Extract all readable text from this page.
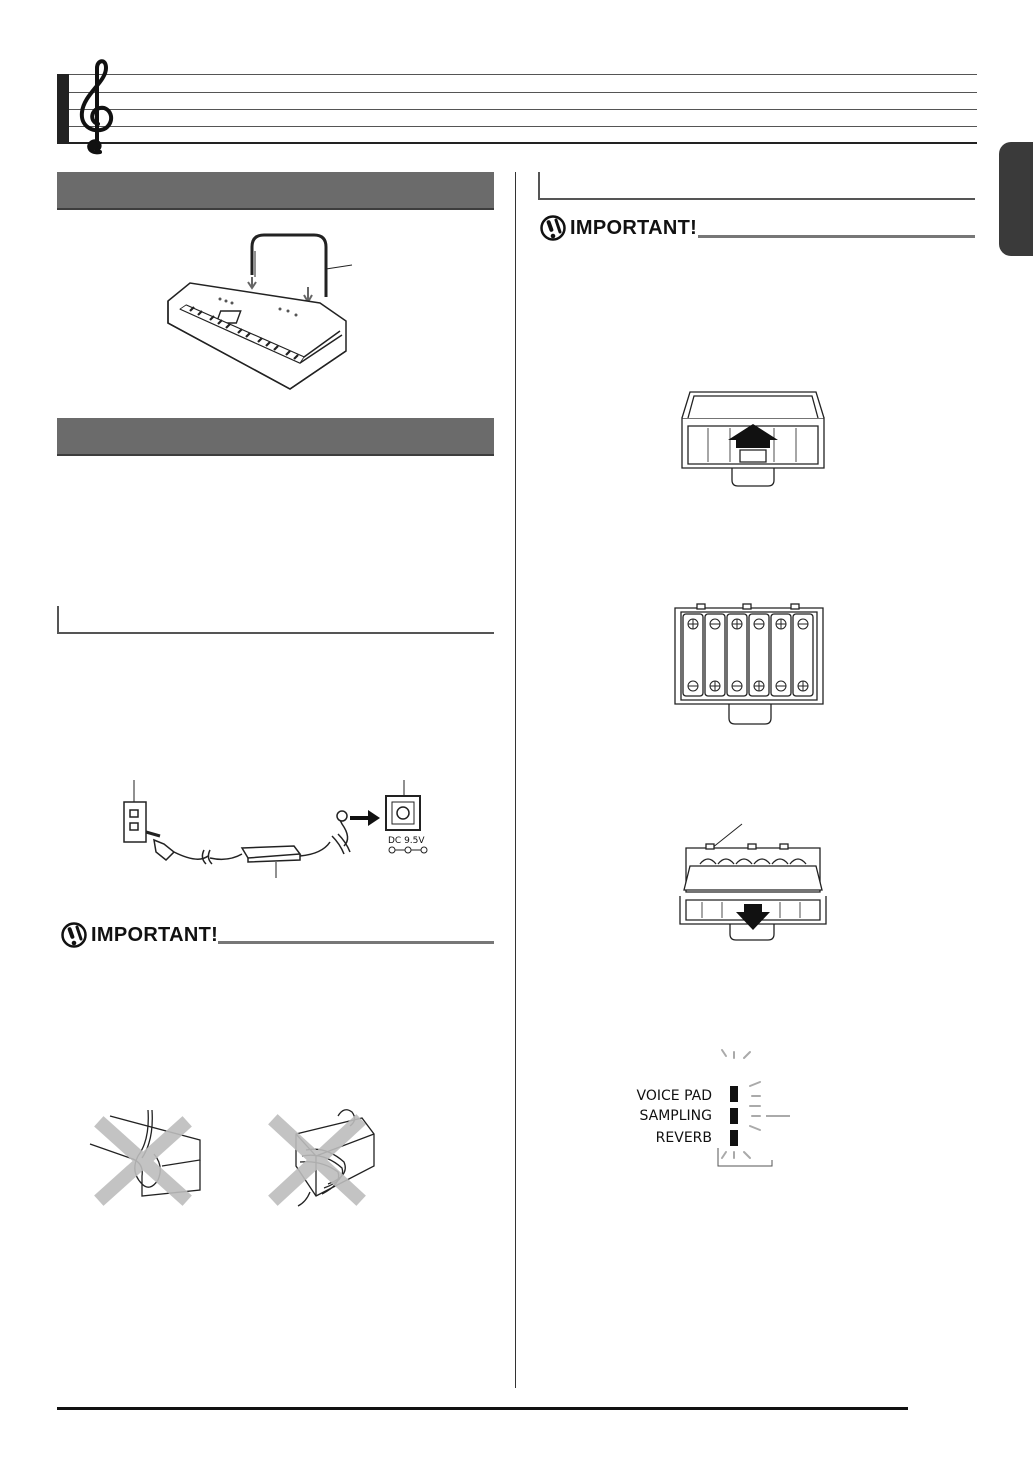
DC 9.5V
IMPORTANT!
IMPORTANT!
VOICE PAD
SAMPLING
REVERB
